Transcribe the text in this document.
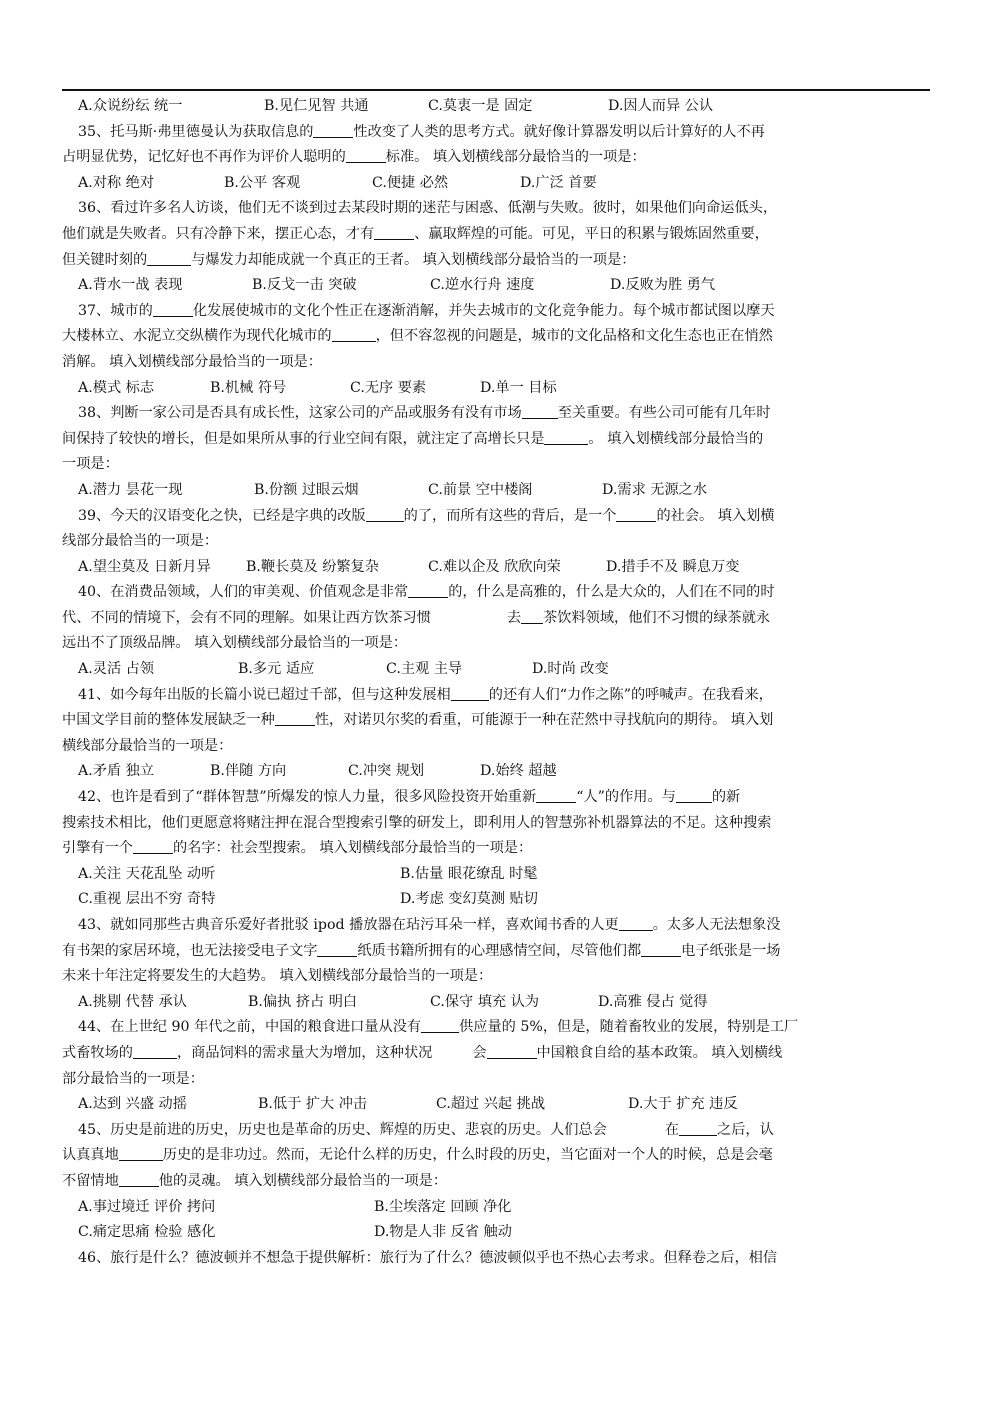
A.众说纷纭 统一	B.见仁见智 共通	C.莫衷一是 固定	D.因人而异 公认
35、托马斯·弗里德曼认为获取信息的	性改变了人类的思考方式。就好像计算器发明以后计算好的人不再
占明显优势，记忆好也不再作为评价人聪明的	标准。 填入划横线部分最恰当的一项是：
A.对称 绝对	B.公平 客观	C.便捷 必然	D.广泛 首要
36、看过许多名人访谈，他们无不谈到过去某段时期的迷茫与困惑、低潮与失败。彼时，如果他们向命运低头，
他们就是失败者。只有冷静下来，摆正心态，才有	、赢取辉煌的可能。可见，平日的积累与锻炼固然重要，
但关键时刻的	与爆发力却能成就一个真正的王者。 填入划横线部分最恰当的一项是：
A.背水一战 表现	B.反戈一击 突破	C.逆水行舟 速度	D.反败为胜 勇气
37、城市的	化发展使城市的文化个性正在逐渐消解，并失去城市的文化竞争能力。每个城市都试图以摩天
大楼林立、水泥立交纵横作为现代化城市的	，但不容忽视的问题是，城市的文化品格和文化生态也正在悄然
消解。 填入划横线部分最恰当的一项是：
A.模式 标志	B.机械 符号	C.无序 要素	D.单一 目标
38、判断一家公司是否具有成长性，这家公司的产品或服务有没有市场	至关重要。有些公司可能有几年时
间保持了较快的增长，但是如果所从事的行业空间有限，就注定了高增长只是	。 填入划横线部分最恰当的
一项是：
A.潜力 昙花一现	B.份额 过眼云烟	C.前景 空中楼阁	D.需求 无源之水
39、今天的汉语变化之快，已经是字典的改版	的了，而所有这些的背后，是一个	的社会。 填入划横
线部分最恰当的一项是：
A.望尘莫及 日新月异 B.鞭长莫及 纷繁复杂	C.难以企及 欣欣向荣	D.措手不及 瞬息万变
40、在消费品领域，人们的审美观、价值观念是非常	的，什么是高雅的，什么是大众的，人们在不同的时
代、不同的情境下，会有不同的理解。如果让西方饮茶习惯	去 茶饮料领域，他们不习惯的绿茶就永
远出不了顶级品牌。 填入划横线部分最恰当的一项是：
A.灵活 占领	B.多元 适应	C.主观 主导	D.时尚 改变
41、如今每年出版的长篇小说已超过千部，但与这种发展相	的还有人们“力作之陈”的呼喊声。在我看来，
中国文学目前的整体发展缺乏一种	性，对诺贝尔奖的看重，可能源于一种在茫然中寻找航向的期待。 填入划
横线部分最恰当的一项是：
A.矛盾 独立	B.伴随 方向	C.冲突 规划	D.始终 超越
42、也许是看到了“群体智慧”所爆发的惊人力量，很多风险投资开始重新	“人”的作用。与	的新
搜索技术相比，他们更愿意将赌注押在混合型搜索引擎的研发上，即利用人的智慧弥补机器算法的不足。这种搜索
引擎有一个	的名字：社会型搜索。 填入划横线部分最恰当的一项是：
A.关注 天花乱坠 动听	B.估量 眼花缭乱 时髦
C.重视 层出不穷 奇特	D.考虑 变幻莫测 贴切
43、就如同那些古典音乐爱好者批驳 ipod 播放器在玷污耳朵一样，喜欢闻书香的人更 。太多人无法想象没
有书架的家居环境，也无法接受电子文字	纸质书籍所拥有的心理感情空间，尽管他们都	电子纸张是一场
未来十年注定将要发生的大趋势。 填入划横线部分最恰当的一项是：
A.挑剔 代替 承认	B.偏执 挤占 明白	C.保守 填充 认为	D.高雅 侵占 觉得
44、在上世纪 90 年代之前，中国的粮食进口量从没有	供应量的 5%，但是，随着畜牧业的发展，特别是工厂
式畜牧场的	，商品饲料的需求量大为增加，这种状况	会	中国粮食自给的基本政策。 填入划横线
部分最恰当的一项是：
A.达到 兴盛 动摇	B.低于 扩大 冲击	C.超过 兴起 挑战	D.大于 扩充 违反
45、历史是前进的历史，历史也是革命的历史、辉煌的历史、悲哀的历史。人们总会	在	之后，认
认真真地	历史的是非功过。然而，无论什么样的历史，什么时段的历史，当它面对一个人的时候，总是会毫
不留情地	他的灵魂。 填入划横线部分最恰当的一项是：
A.事过境迁 评价 拷问	B.尘埃落定 回顾 净化
C.痛定思痛 检验 感化	D.物是人非 反省 触动
46、旅行是什么？德波顿并不想急于提供解析：旅行为了什么？德波顿似乎也不热心去考求。但释卷之后，相信
